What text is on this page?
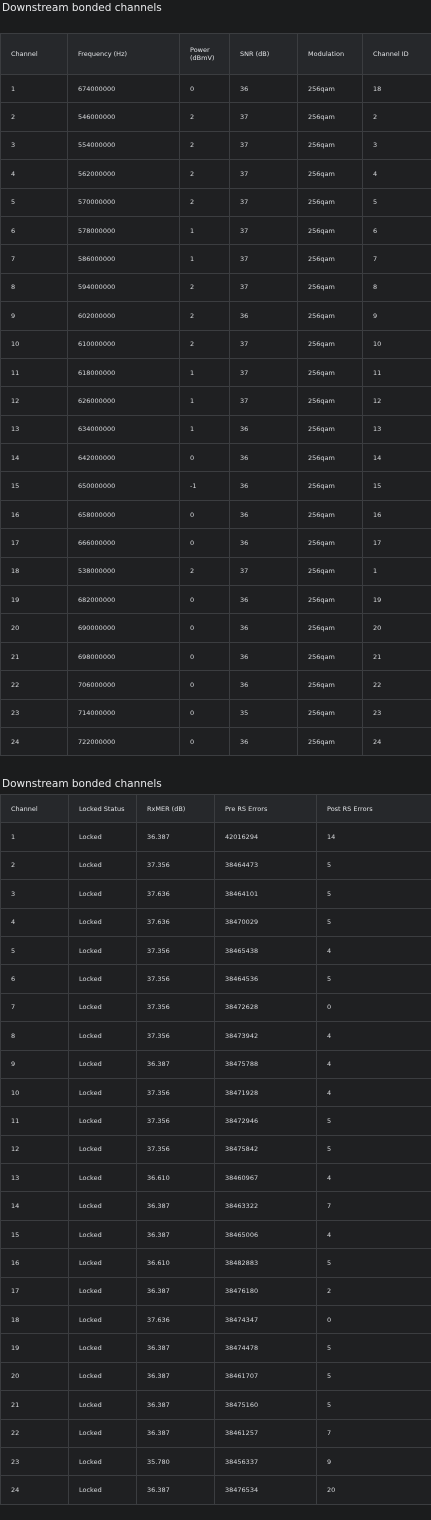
Downstream bonded channels
Channel	Frequency (Hz)	Power (dBmV)	SNR (dB)	Modulation	Channel ID
1	674000000	0	36	256qam	18
2	546000000	2	37	256qam	2
3	554000000	2	37	256qam	3
4	562000000	2	37	256qam	4
5	570000000	2	37	256qam	5
6	578000000	1	37	256qam	6
7	586000000	1	37	256qam	7
8	594000000	2	37	256qam	8
9	602000000	2	36	256qam	9
10	610000000	2	37	256qam	10
11	618000000	1	37	256qam	11
12	626000000	1	37	256qam	12
13	634000000	1	36	256qam	13
14	642000000	0	36	256qam	14
15	650000000	-1	36	256qam	15
16	658000000	0	36	256qam	16
17	666000000	0	36	256qam	17
18	538000000	2	37	256qam	1
19	682000000	0	36	256qam	19
20	690000000	0	36	256qam	20
21	698000000	0	36	256qam	21
22	706000000	0	36	256qam	22
23	714000000	0	35	256qam	23
24	722000000	0	36	256qam	24
Downstream bonded channels
Channel	Locked Status	RxMER (dB)	Pre RS Errors	Post RS Errors
1	Locked	36.387	42016294	14
2	Locked	37.356	38464473	5
3	Locked	37.636	38464101	5
4	Locked	37.636	38470029	5
5	Locked	37.356	38465438	4
6	Locked	37.356	38464536	5
7	Locked	37.356	38472628	0
8	Locked	37.356	38473942	4
9	Locked	36.387	38475788	4
10	Locked	37.356	38471928	4
11	Locked	37.356	38472946	5
12	Locked	37.356	38475842	5
13	Locked	36.610	38460967	4
14	Locked	36.387	38463322	7
15	Locked	36.387	38465006	4
16	Locked	36.610	38482883	5
17	Locked	36.387	38476180	2
18	Locked	37.636	38474347	0
19	Locked	36.387	38474478	5
20	Locked	36.387	38461707	5
21	Locked	36.387	38475160	5
22	Locked	36.387	38461257	7
23	Locked	35.780	38456337	9
24	Locked	36.387	38476534	20
